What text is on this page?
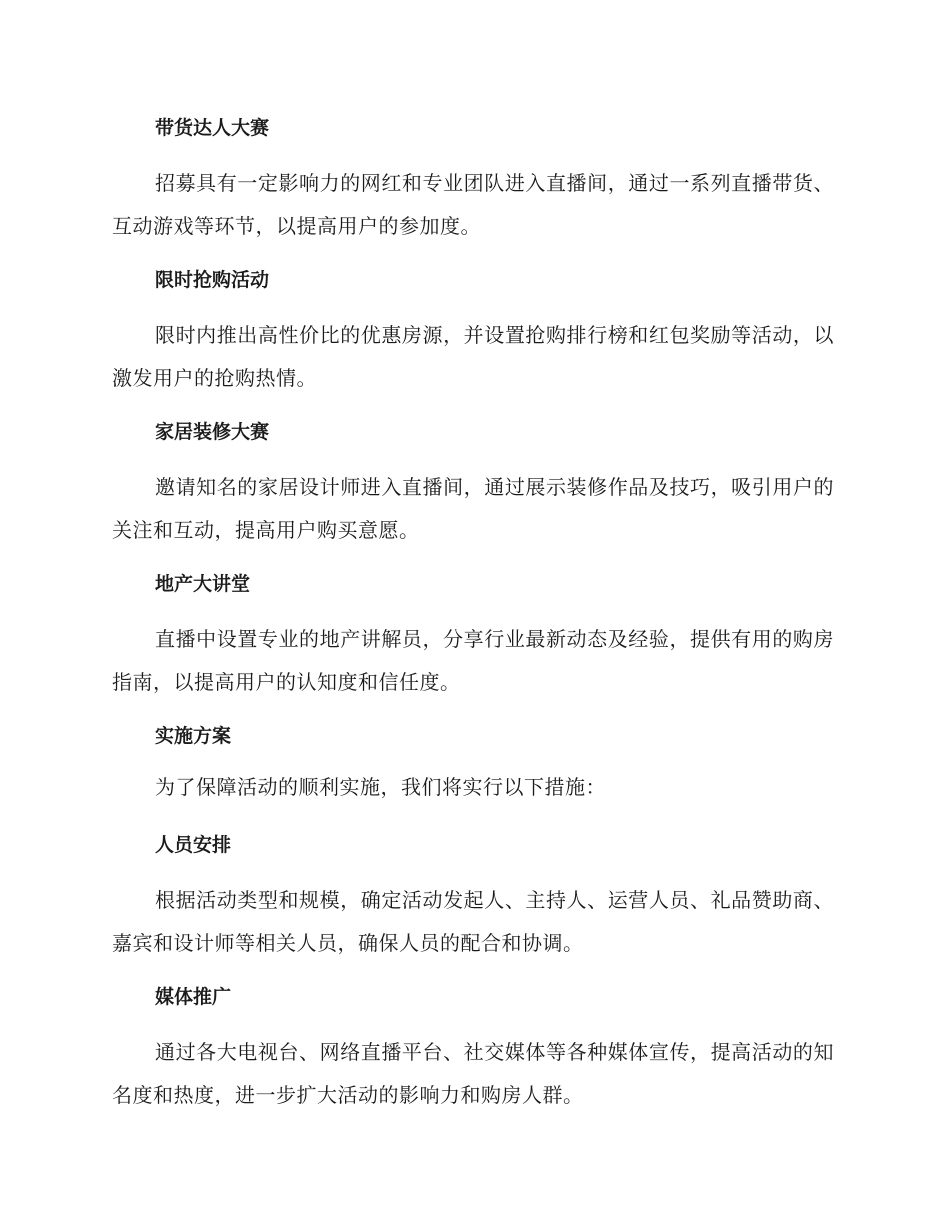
带货达人大赛
招募具有一定影响力的网红和专业团队进入直播间，通过一系列直播带货、互动游戏等环节，以提高用户的参加度。
限时抢购活动
限时内推出高性价比的优惠房源，并设置抢购排行榜和红包奖励等活动，以激发用户的抢购热情。
家居装修大赛
邀请知名的家居设计师进入直播间，通过展示装修作品及技巧，吸引用户的关注和互动，提高用户购买意愿。
地产大讲堂
直播中设置专业的地产讲解员，分享行业最新动态及经验，提供有用的购房指南，以提高用户的认知度和信任度。
实施方案
为了保障活动的顺利实施，我们将实行以下措施：
人员安排
根据活动类型和规模，确定活动发起人、主持人、运营人员、礼品赞助商、嘉宾和设计师等相关人员，确保人员的配合和协调。
媒体推广
通过各大电视台、网络直播平台、社交媒体等各种媒体宣传，提高活动的知名度和热度，进一步扩大活动的影响力和购房人群。
